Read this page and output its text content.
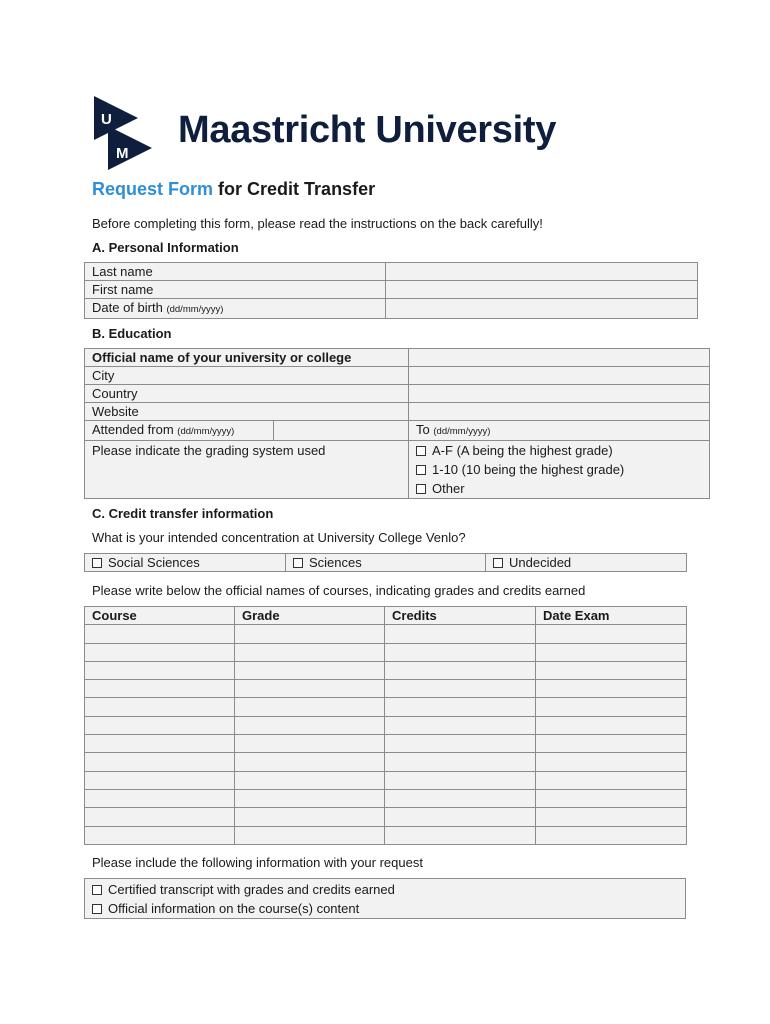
U
M
Maastricht University
Request Form for Credit Transfer
Before completing this form, please read the instructions on the back carefully!
A. Personal Information
Last name	
First name	
Date of birth (dd/mm/yyyy)	
B. Education
Official name of your university or college		
City		
Country		
Website		
Attended from (dd/mm/yyyy)		To (dd/mm/yyyy)

Please indicate the grading system used		A-F (A being the highest grade)
1-10 (10 being the highest grade)
Other
C. Credit transfer information
What is your intended concentration at University College Venlo?
Social Sciences	Sciences	Undecided
Please write below the official names of courses, indicating grades and credits earned
Course	Grade	Credits	Date Exam

Please include the following information with your request
Certified transcript with grades and credits earned
Official information on the course(s) content
